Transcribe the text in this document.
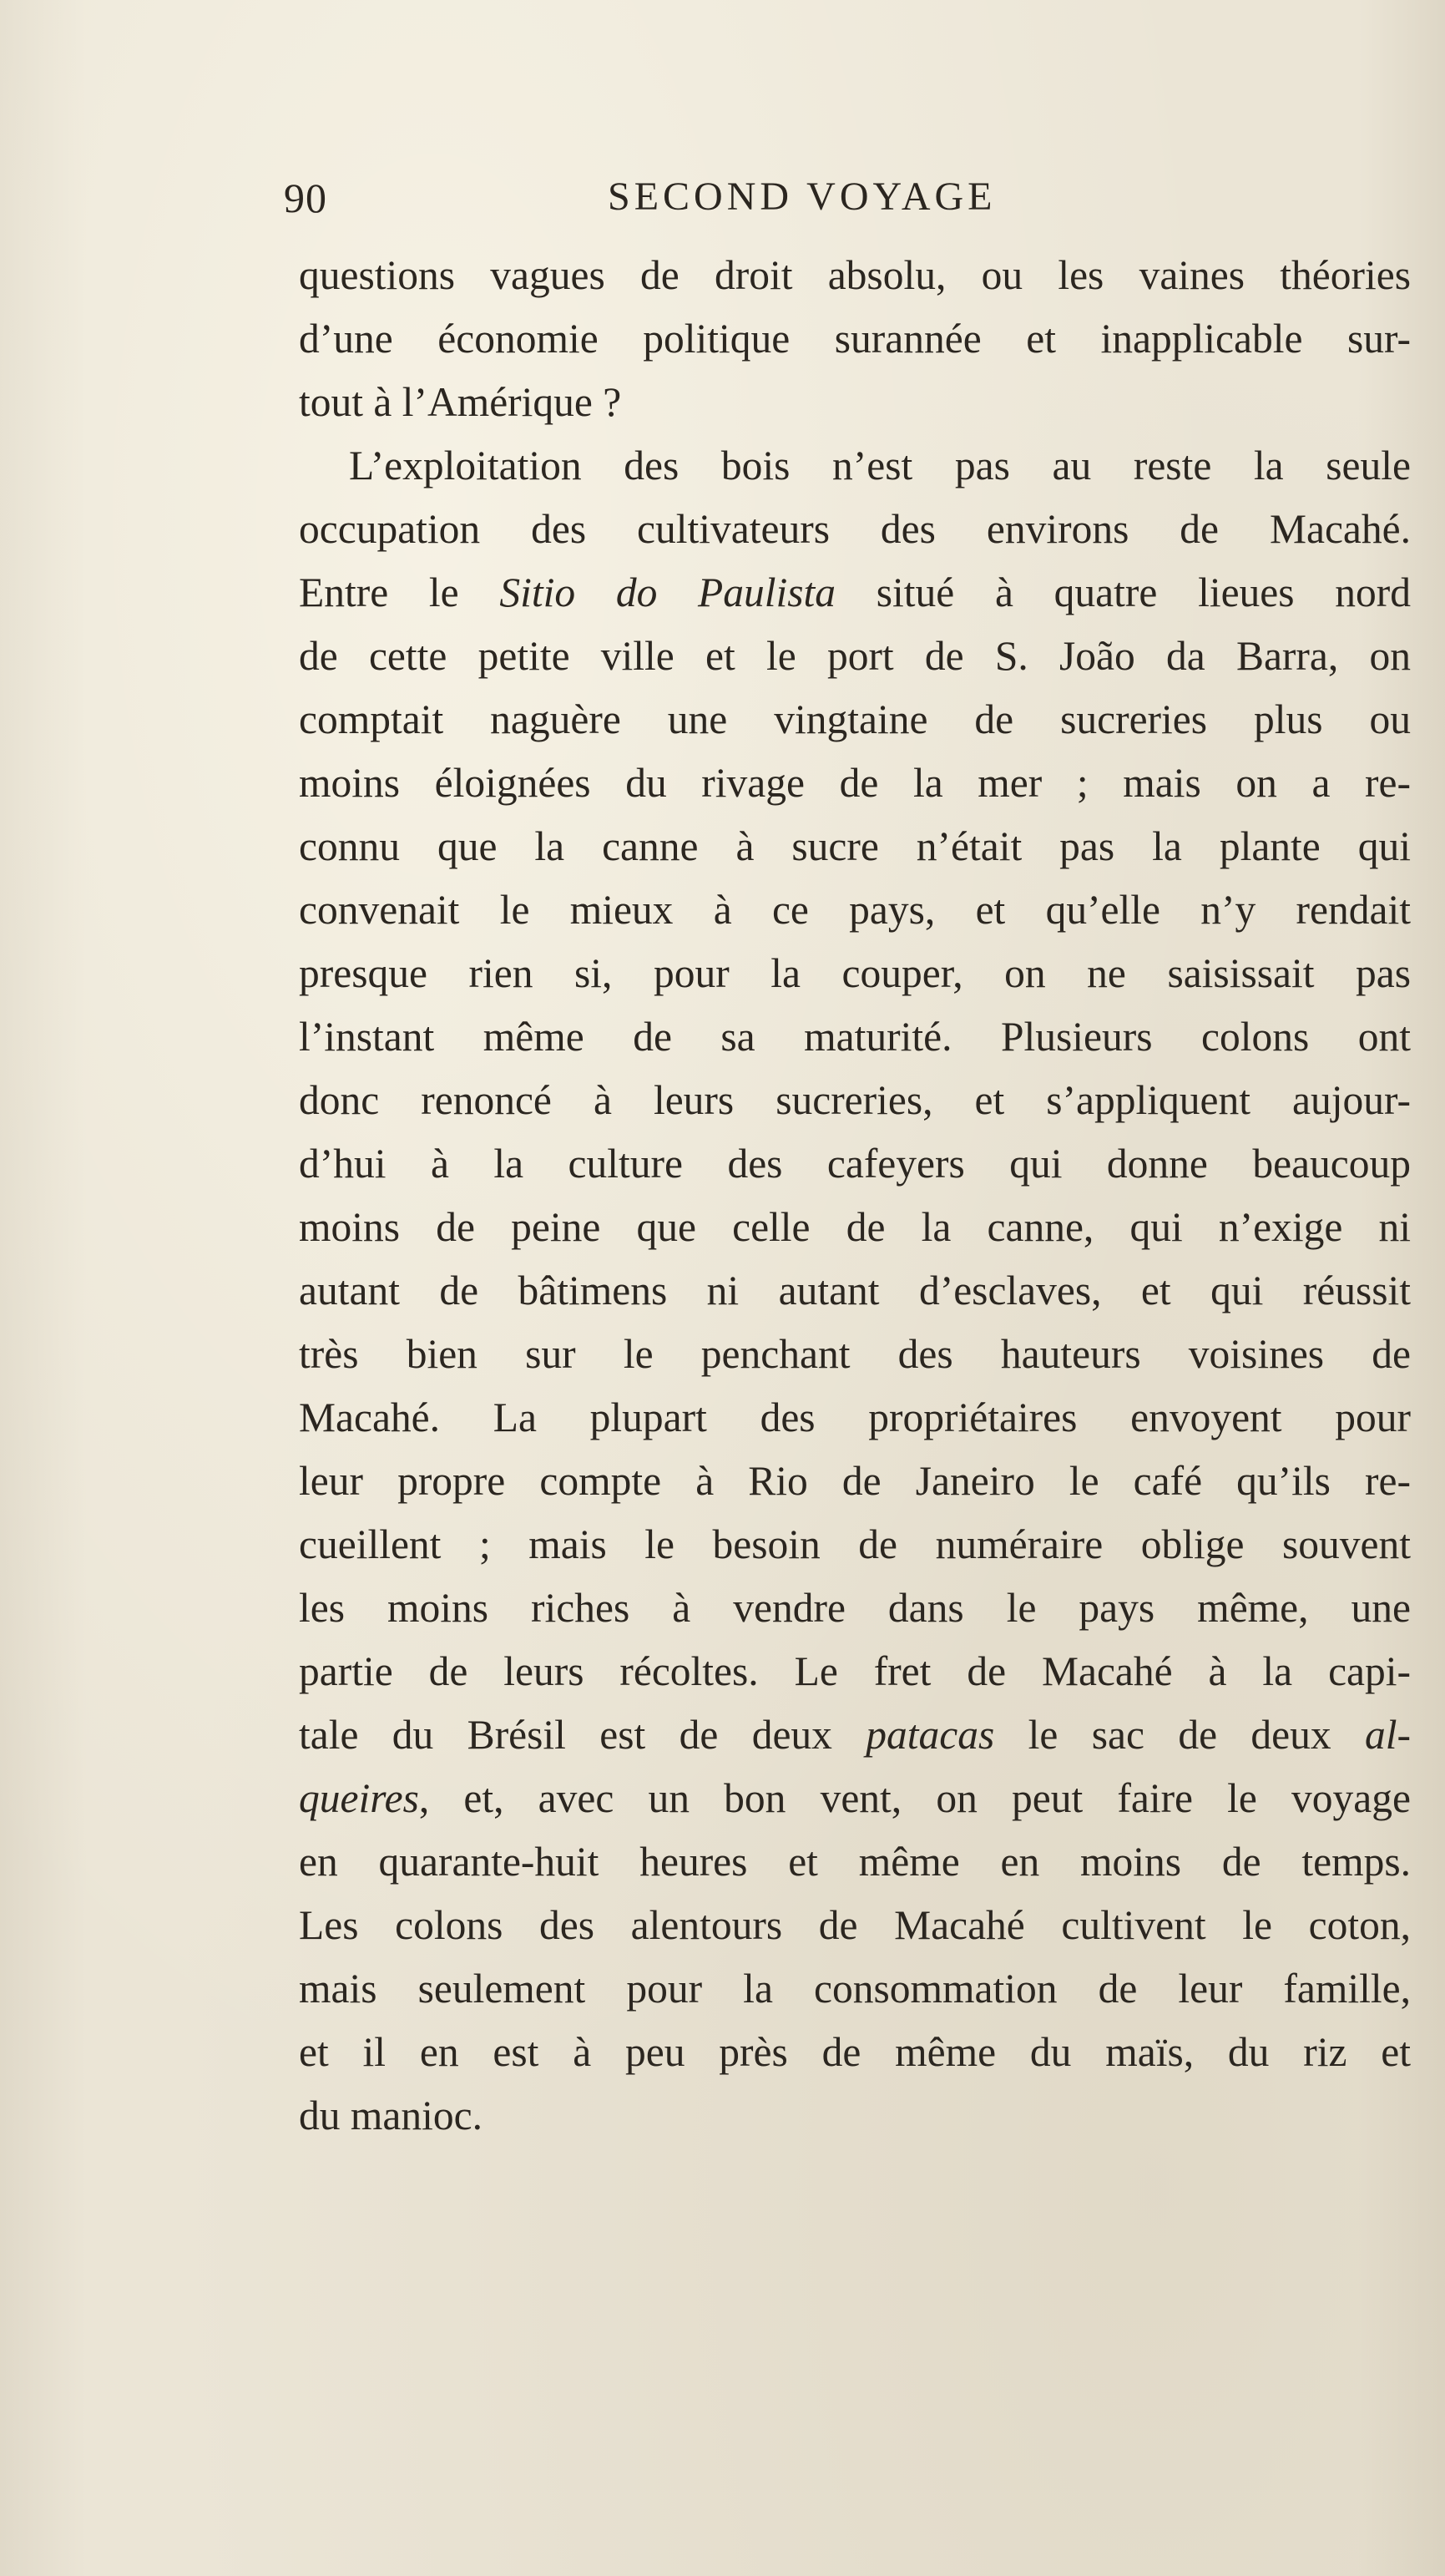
90	SECOND VOYAGE
questions vagues de droit absolu, ou les vaines théories
d’une économie politique surannée et inapplicable sur-
tout à l’Amérique ?
L’exploitation des bois n’est pas au reste la seule
occupation des cultivateurs des environs de Macahé.
Entre le Sitio do Paulista situé à quatre lieues nord
de cette petite ville et le port de S. João da Barra, on
comptait naguère une vingtaine de sucreries plus ou
moins éloignées du rivage de la mer ; mais on a re-
connu que la canne à sucre n’était pas la plante qui
convenait le mieux à ce pays, et qu’elle n’y rendait
presque rien si, pour la couper, on ne saisissait pas
l’instant même de sa maturité. Plusieurs colons ont
donc renoncé à leurs sucreries, et s’appliquent aujour-
d’hui à la culture des cafeyers qui donne beaucoup
moins de peine que celle de la canne, qui n’exige ni
autant de bâtimens ni autant d’esclaves, et qui réussit
très bien sur le penchant des hauteurs voisines de
Macahé. La plupart des propriétaires envoyent pour
leur propre compte à Rio de Janeiro le café qu’ils re-
cueillent ; mais le besoin de numéraire oblige souvent
les moins riches à vendre dans le pays même, une
partie de leurs récoltes. Le fret de Macahé à la capi-
tale du Brésil est de deux patacas le sac de deux al-
queires, et, avec un bon vent, on peut faire le voyage
en quarante-huit heures et même en moins de temps.
Les colons des alentours de Macahé cultivent le coton,
mais seulement pour la consommation de leur famille,
et il en est à peu près de même du maïs, du riz et
du manioc.
